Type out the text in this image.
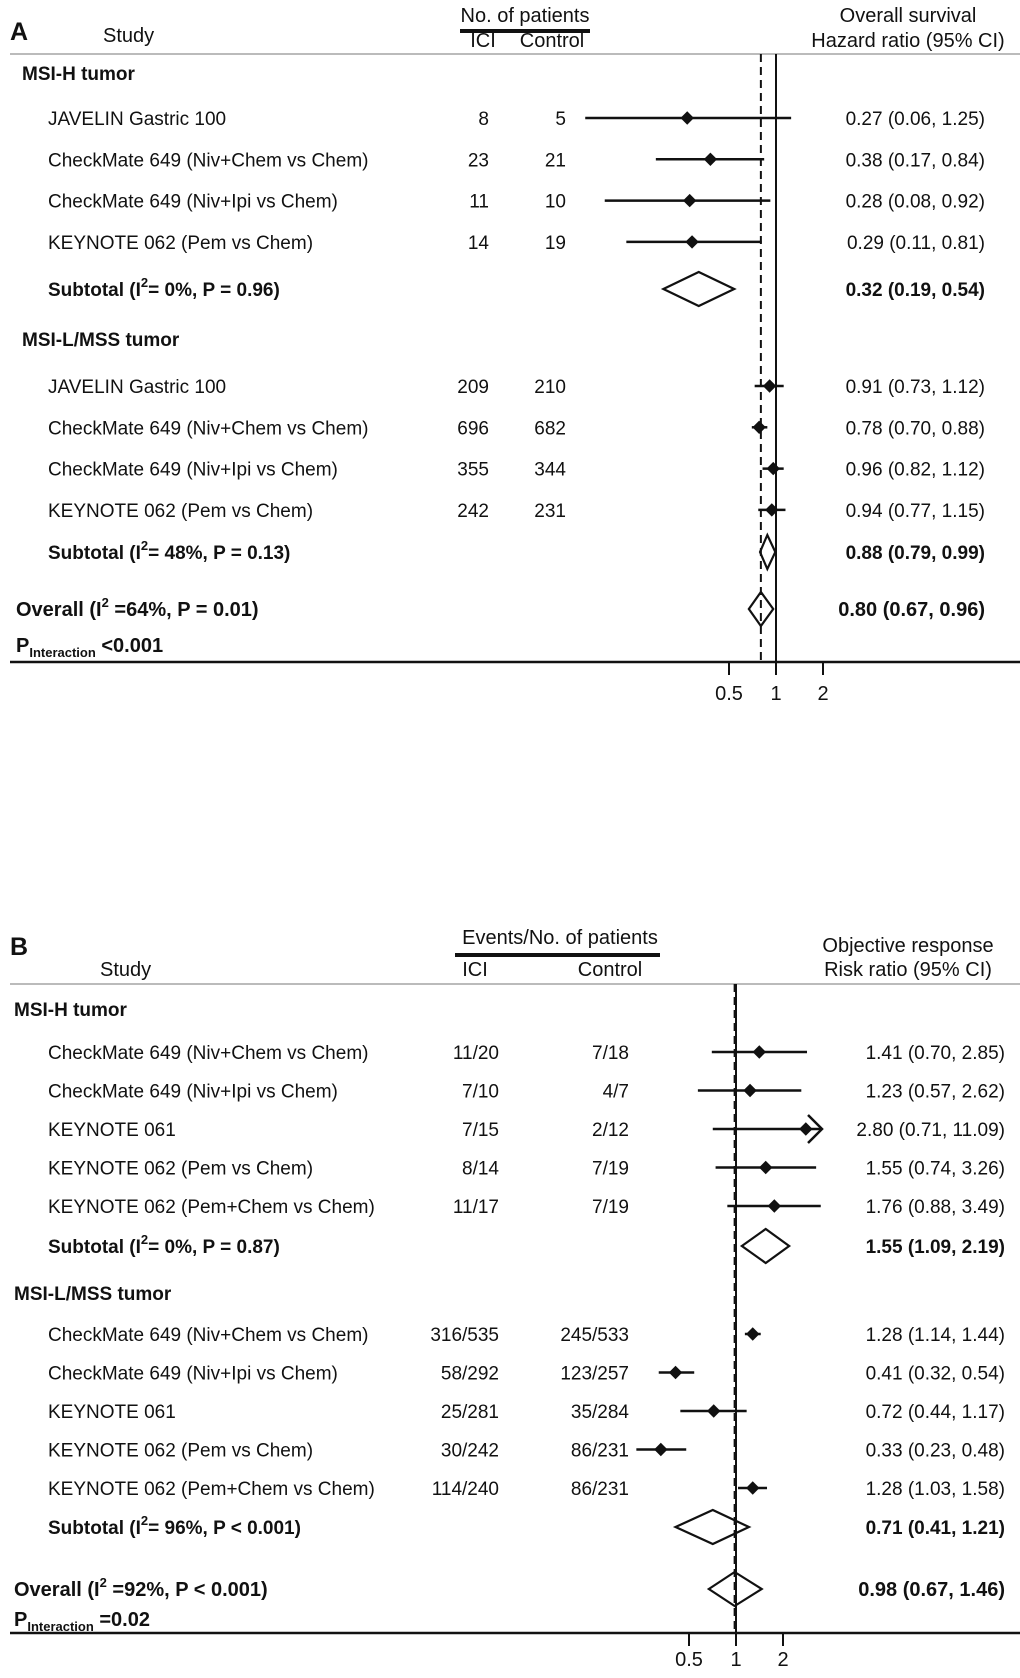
A	Study
No. of patients
ICI Control
Overall survival
Hazard ratio (95% CI)
MSI-H tumor
JAVELIN Gastric 100	8	5	0.27 (0.06, 1.25)
CheckMate 649 (Niv+Chem vs Chem)	23	21	0.38 (0.17, 0.84)
CheckMate 649 (Niv+Ipi vs Chem)	11	10	0.28 (0.08, 0.92)
KEYNOTE 062 (Pem vs Chem)	14	19	0.29 (0.11, 0.81)
Subtotal ($I^2= 0\%$, P = 0.96)	0.32 (0.19, 0.54)
MSI-L/MSS tumor
JAVELIN Gastric 100	209 210	0.91 (0.73, 1.12)
CheckMate 649 (Niv+Chem vs Chem)	696 682	0.78 (0.70, 0.88)
CheckMate 649 (Niv+Ipi vs Chem)	355 344	0.96 (0.82, 1.12)
KEYNOTE 062 (Pem vs Chem)	242 231	0.94 (0.77, 1.15)
Subtotal ($I^2= 48\%$, P = 0.13)	0.88 (0.79, 0.99)
Overall ($I^2 =64\%$, P = 0.01)	0.80 (0.67, 0.96)
$P_{Interaction} <0.001$
0.5 1 2
B
Study
Events/No. of patients
ICI	Control
Objective response
Risk ratio (95% CI)
MSI-H tumor
CheckMate 649 (Niv+Chem vs Chem)	11/20	7/18	1.41 (0.70, 2.85)
CheckMate 649 (Niv+Ipi vs Chem)	7/10	4/7	1.23 (0.57, 2.62)
KEYNOTE 061	7/15	2/12	2.80 (0.71, 11.09)
KEYNOTE 062 (Pem vs Chem)	8/14	7/19	1.55 (0.74, 3.26)
KEYNOTE 062 (Pem+Chem vs Chem)	11/17	7/19	1.76 (0.88, 3.49)
Subtotal ($I^2= 0\%$, P = 0.87)	1.55 (1.09, 2.19)
MSI-L/MSS tumor
CheckMate 649 (Niv+Chem vs Chem)	316/535	245/533	1.28 (1.14, 1.44)
CheckMate 649 (Niv+Ipi vs Chem)	58/292	123/257	0.41 (0.32, 0.54)
KEYNOTE 061	25/281	35/284	0.72 (0.44, 1.17)
KEYNOTE 062 (Pem vs Chem)	30/242	86/231	0.33 (0.23, 0.48)
KEYNOTE 062 (Pem+Chem vs Chem)	114/240	86/231	1.28 (1.03, 1.58)
Subtotal ($I^2= 96\%$, P < 0.001)	0.71 (0.41, 1.21)
Overall ($I^2 =92\%$, P < 0.001)	0.98 (0.67, 1.46)
$P_{Interaction} =0.02$
0.5 1 2
